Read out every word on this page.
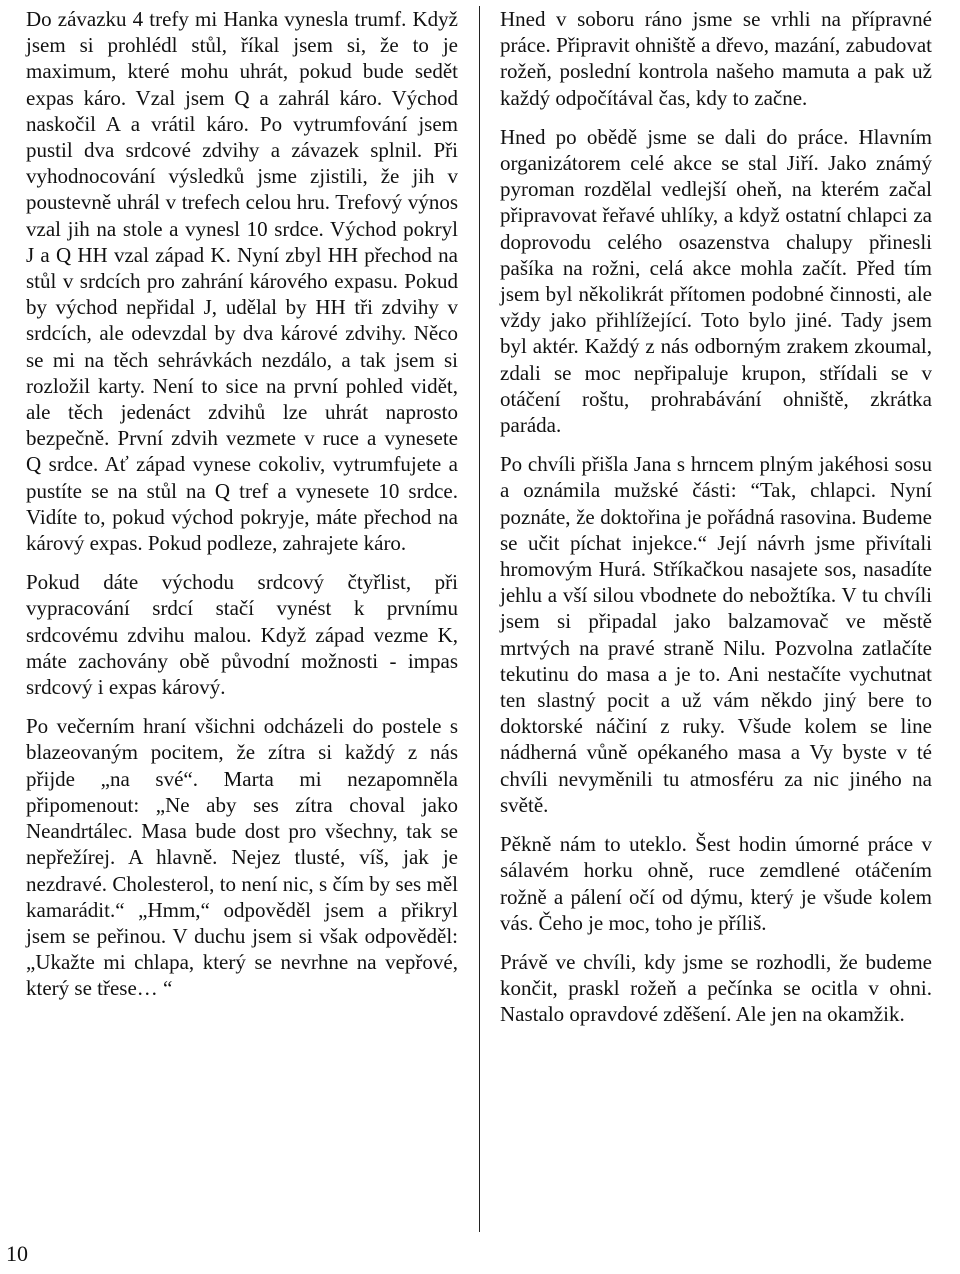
Do závazku 4 trefy mi Hanka vynesla trumf. Když jsem si prohlédl stůl, říkal jsem si, že to je maximum, které mohu uhrát, pokud bude sedět expas káro. Vzal jsem Q a zahrál káro. Východ naskočil A a vrátil káro. Po vytrumfování jsem pustil dva srdcové zdvihy a závazek splnil. Při vyhodnocování výsledků jsme zjistili, že jih v poustevně uhrál v trefech celou hru. Trefový výnos vzal jih na stole a vynesl 10 srdce. Východ pokryl J a Q HH vzal západ K. Nyní zbyl HH přechod na stůl v srdcích pro zahrání kárového expasu. Pokud by východ nepřidal J, udělal by HH tři zdvihy v srdcích, ale odevzdal by dva kárové zdvihy. Něco se mi na těch sehrávkách nezdálo, a tak jsem si rozložil karty. Není to sice na první pohled vidět, ale těch jedenáct zdvihů lze uhrát naprosto bezpečně. První zdvih vezmete v ruce a vynesete Q srdce. Ať západ vynese cokoliv, vytrumfujete a pustíte se na stůl na Q tref a vynesete 10 srdce. Vidíte to, pokud východ pokryje, máte přechod na kárový expas. Pokud podleze, zahrajete káro.

Pokud dáte východu srdcový čtyřlist, při vypracování srdcí stačí vynést k prvnímu srdcovému zdvihu malou. Když západ vezme K, máte zachovány obě původní možnosti - impas srdcový i expas kárový.

Po večerním hraní všichni odcházeli do postele s blazeovaným pocitem, že zítra si každý z nás přijde „na své“. Marta mi nezapomněla připomenout: „Ne aby ses zítra choval jako Neandrtálec. Masa bude dost pro všechny, tak se nepřežírej. A hlavně. Nejez tlusté, víš, jak je nezdravé. Cholesterol, to není nic, s čím by ses měl kamarádit.“ „Hmm,“ odpověděl jsem a přikryl jsem se peřinou. V duchu jsem si však odpověděl: „Ukažte mi chlapa, který se nevrhne na vepřové, který se třese… “

Hned v soboru ráno jsme se vrhli na přípravné práce. Připravit ohniště a dřevo, mazání, zabudovat rožeň, poslední kontrola našeho mamuta a pak už každý odpočítával čas, kdy to začne.

Hned po obědě jsme se dali do práce. Hlavním organizátorem celé akce se stal Jiří. Jako známý pyroman rozdělal vedlejší oheň, na kterém začal připravovat řeřavé uhlíky, a když ostatní chlapci za doprovodu celého osazenstva chalupy přinesli pašíka na rožni, celá akce mohla začít. Před tím jsem byl několikrát přítomen podobné činnosti, ale vždy jako přihlížející. Toto bylo jiné. Tady jsem byl aktér. Každý z nás odborným zrakem zkoumal, zdali se moc nepřipaluje krupon, střídali se v otáčení roštu, prohrabávání ohniště, zkrátka paráda.

Po chvíli přišla Jana s hrncem plným jakéhosi sosu a oznámila mužské části: “Tak, chlapci. Nyní poznáte, že doktořina je pořádná rasovina. Budeme se učit píchat injekce.“ Její návrh jsme přivítali hromovým Hurá. Stříkačkou nasajete sos, nasadíte jehlu a vší silou vbodnete do nebožtíka. V tu chvíli jsem si připadal jako balzamovač ve městě mrtvých na pravé straně Nilu. Pozvolna zatlačíte tekutinu do masa a je to. Ani nestačíte vychutnat ten slastný pocit a už vám někdo jiný bere to doktorské náčiní z ruky. Všude kolem se line nádherná vůně opékaného masa a Vy byste v té chvíli nevyměnili tu atmosféru za nic jiného na světě.

Pěkně nám to uteklo. Šest hodin úmorné práce v sálavém horku ohně, ruce zemdlené otáčením rožně a pálení očí od dýmu, který je všude kolem vás. Čeho je moc, toho je příliš.

Právě ve chvíli, kdy jsme se rozhodli, že budeme končit, praskl rožeň a pečínka se ocitla v ohni. Nastalo opravdové zděšení. Ale jen na okamžik.

10
